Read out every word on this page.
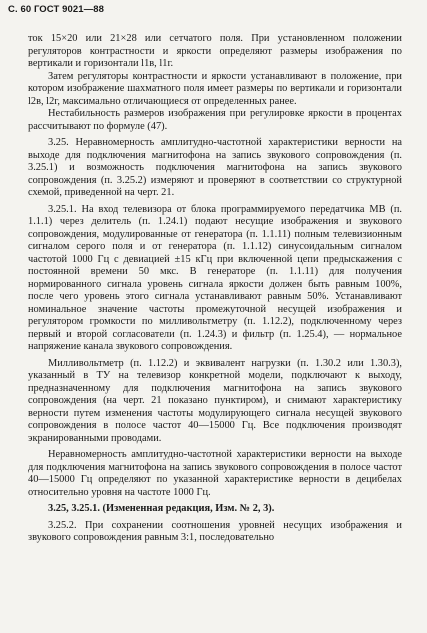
С. 60 ГОСТ 9021—88

ток 15×20 или 21×28 или сетчатого поля. При установленном положении регуляторов контрастности и яркости определяют размеры изображения по вертикали и горизонтали l1в, l1г.

Затем регуляторы контрастности и яркости устанавливают в положение, при котором изображение шахматного поля имеет размеры по вертикали и горизонтали l2в, l2г, максимально отличающиеся от определенных ранее.

Нестабильность размеров изображения при регулировке яркости в процентах рассчитывают по формуле (47).

3.25. Неравномерность амплитудно-частотной характеристики верности на выходе для подключения магнитофона на запись звукового сопровождения (п. 3.25.1) и возможность подключения магнитофона на запись звукового сопровождения (п. 3.25.2) измеряют и проверяют в соответствии со структурной схемой, приведенной на черт. 21.

3.25.1. На вход телевизора от блока программируемого передатчика МВ (п. 1.1.1) через делитель (п. 1.24.1) подают несущие изображения и звукового сопровождения, модулированные от генератора (п. 1.1.11) полным телевизионным сигналом серого поля и от генератора (п. 1.1.12) синусоидальным сигналом частотой 1000 Гц с девиацией ±15 кГц при включенной цепи предыскажения с постоянной времени 50 мкс. В генераторе (п. 1.1.11) для получения нормированного сигнала уровень сигнала яркости должен быть равным 100%, после чего уровень этого сигнала устанавливают равным 50%. Устанавливают номинальное значение частоты промежуточной несущей изображения и регулятором громкости по милливольтметру (п. 1.12.2), подключенному через первый и второй согласователи (п. 1.24.3) и фильтр (п. 1.25.4), — нормальное напряжение канала звукового сопровождения.

Милливольтметр (п. 1.12.2) и эквивалент нагрузки (п. 1.30.2 или 1.30.3), указанный в ТУ на телевизор конкретной модели, подключают к выходу, предназначенному для подключения магнитофона на запись звукового сопровождения (на черт. 21 показано пунктиром), и снимают характеристику верности путем изменения частоты модулирующего сигнала несущей звукового сопровождения в полосе частот 40—15000 Гц. Все подключения производят экранированными проводами.

Неравномерность амплитудно-частотной характеристики верности на выходе для подключения магнитофона на запись звукового сопровождения в полосе частот 40—15000 Гц определяют по указанной характеристике верности в децибелах относительно уровня на частоте 1000 Гц.

3.25, 3.25.1. (Измененная редакция, Изм. № 2, 3).

3.25.2. При сохранении соотношения уровней несущих изображения и звукового сопровождения равным 3:1, последовательно
